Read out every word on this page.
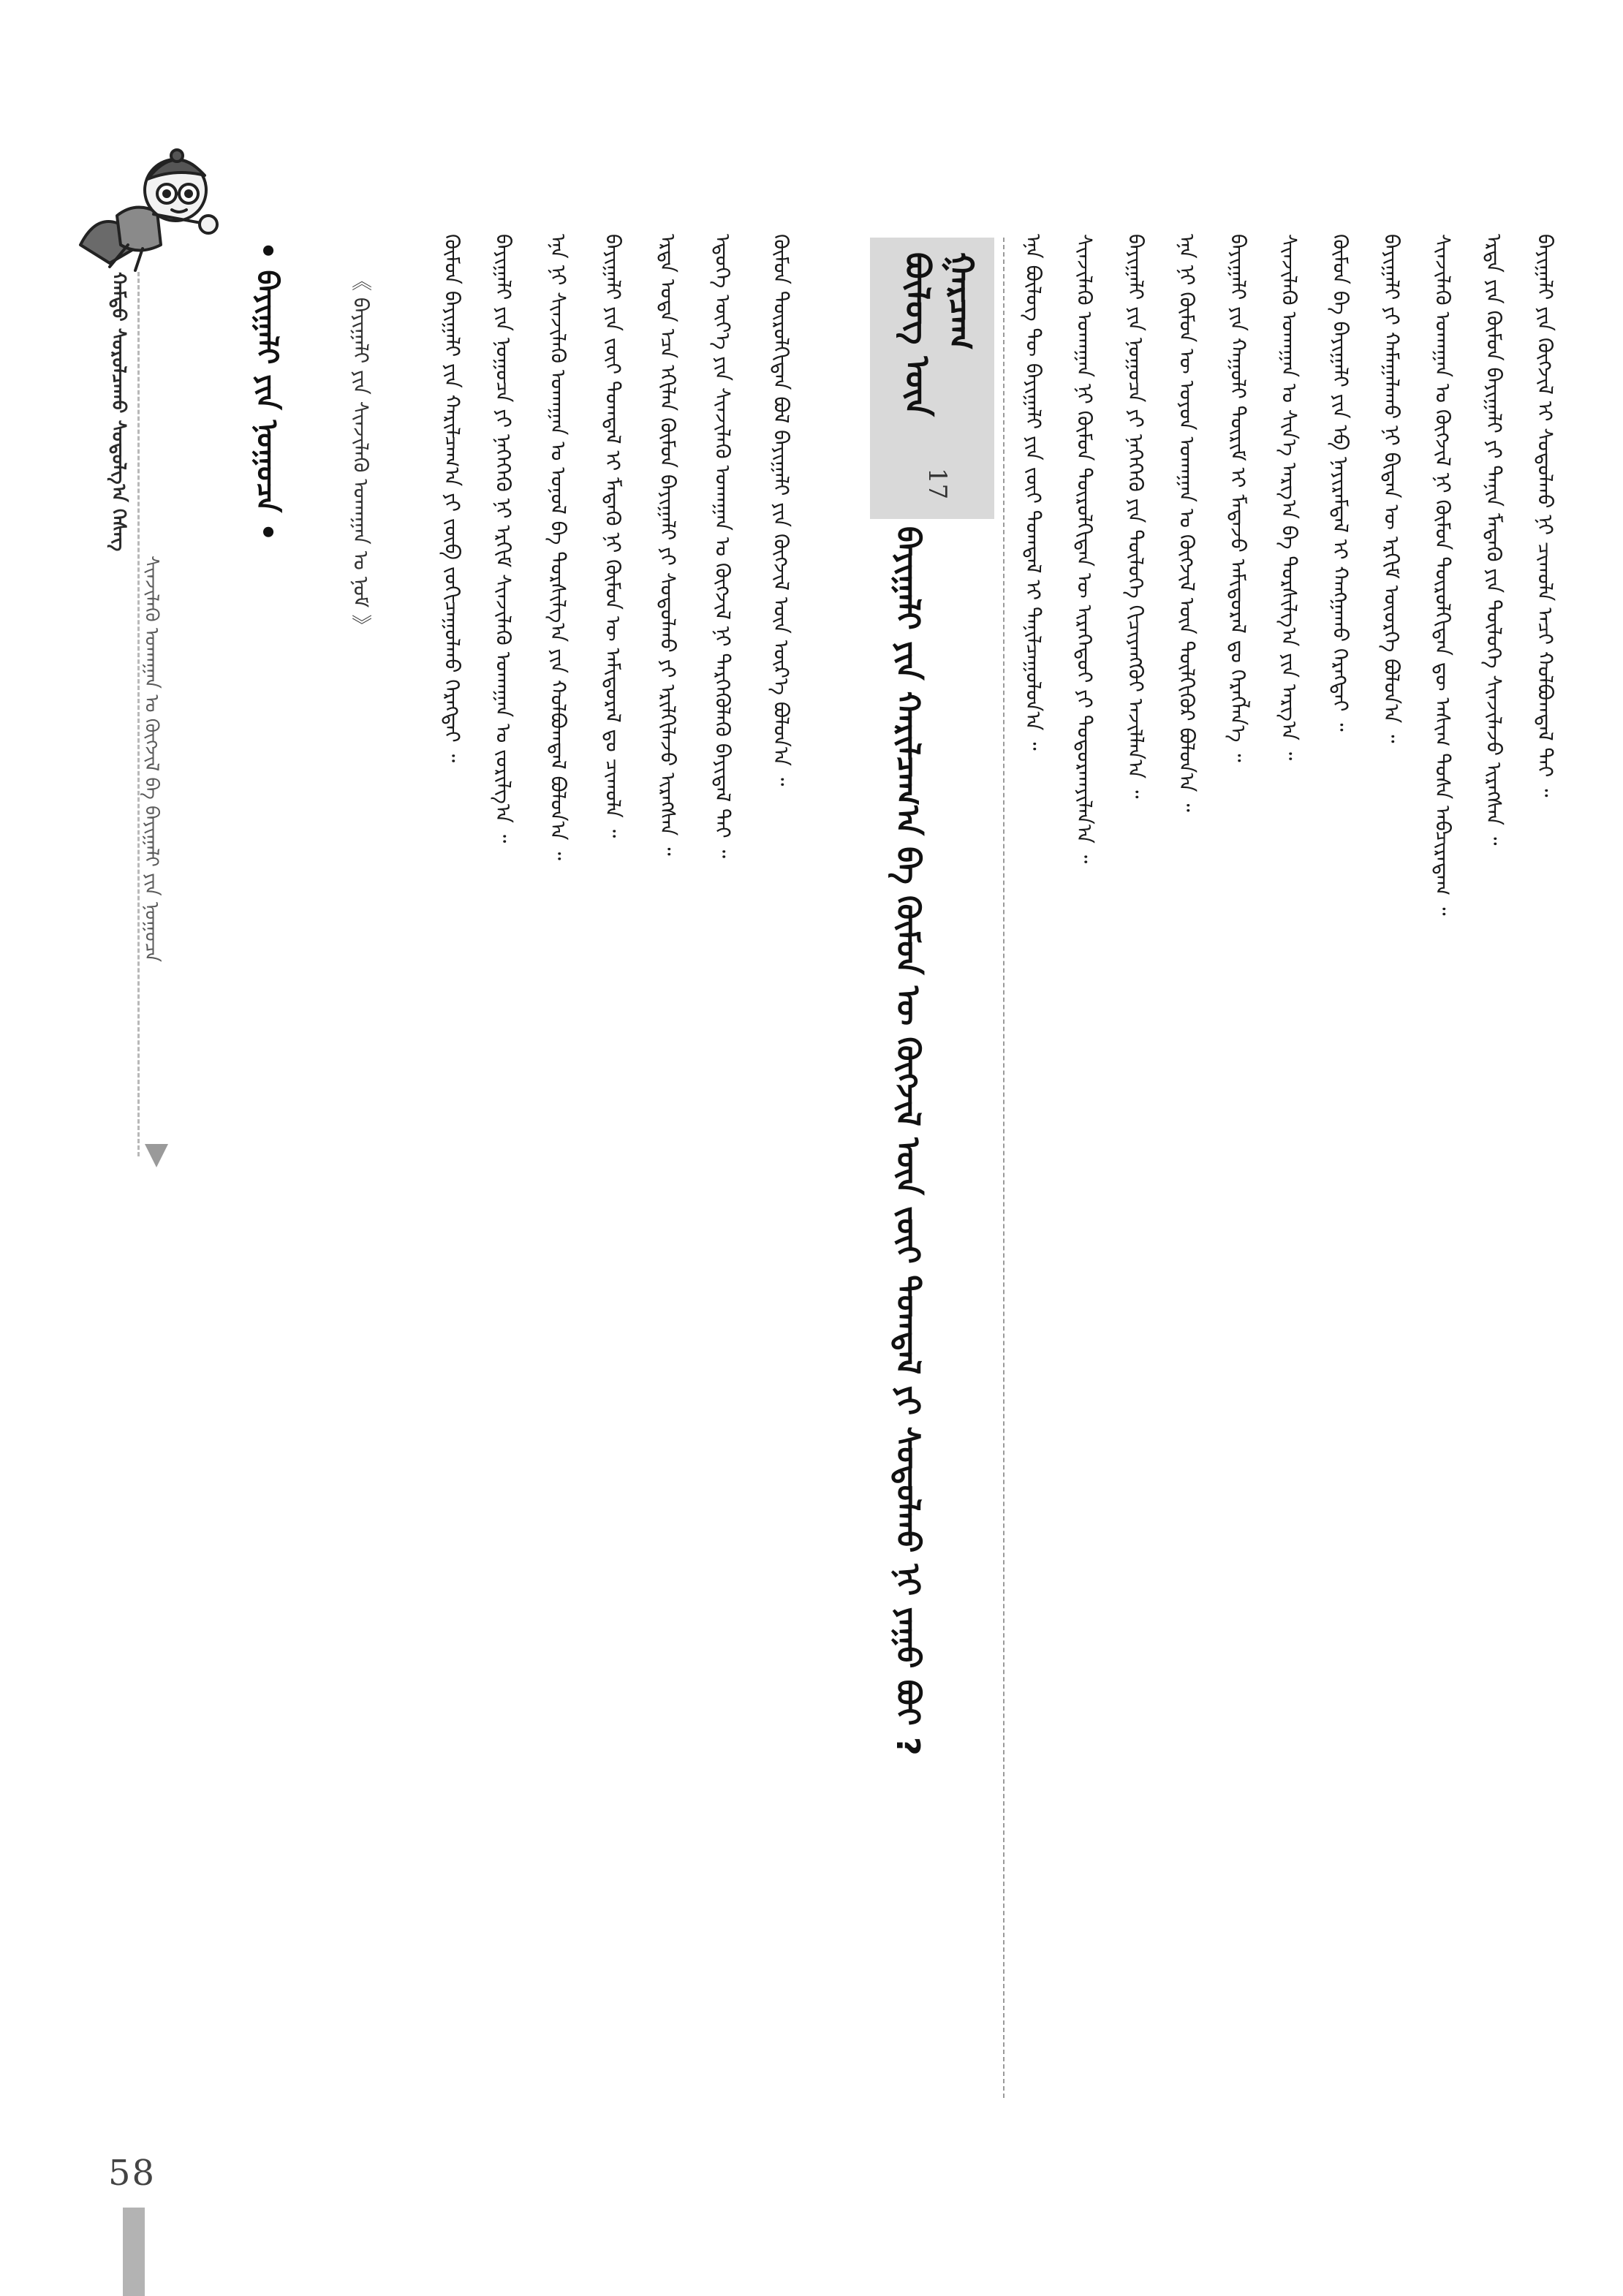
ᠬᠠᠮᠲᠤ ᠰᠤᠷᠤᠯᠴᠠᠬᠤ ᠰᠤᠳᠤᠯᠭ᠎ᠠ ᠬᠡᠰᠡᠭ
ᠰᠢᠨᠵᠢᠯᠡᠬᠦ ᠤᠬᠠᠭᠠᠨ ᠤ ᠬᠦᠭᠵᠢᠯ ᠪᠠ ᠪᠠᠶᠢᠭᠠᠯᠢ ᠶᠢᠨ ᠨᠤᠭᠤᠴᠠ
• ᠪᠠᠶᠢᠭᠠᠯᠢ ᠶᠢᠨ ᠨᠤᠭᠤᠴᠠ •	《 ᠪᠠᠶᠢᠭᠠᠯᠢ ᠶᠢᠨ ᠰᠢᠨᠵᠢᠯᠡᠬᠦ ᠤᠬᠠᠭᠠᠨ ᠤ ᠨᠤᠮ 》	ᠬᠦᠮᠦᠨ ᠪᠠᠶᠢᠭᠠᠯᠢ ᠶᠢᠨ ᠬᠠᠷᠢᠯᠴᠠᠭ᠎ᠠ ᠶᠢ ᠵᠥᠪ ᠵᠣᠬᠢᠴᠠᠭᠤᠯᠬᠤ ᠬᠡᠷᠡᠭᠲᠡᠢ ᠃ ᠪᠠᠶᠢᠭᠠᠯᠢ ᠶᠢᠨ ᠨᠤᠭᠤᠴᠠ ᠶᠢ ᠨᠡᠭᠡᠭᠡᠬᠦ ᠨᠢ ᠡᠷᠬᠢᠮ ᠰᠢᠨᠵᠢᠯᠡᠬᠦ ᠤᠬᠠᠭᠠᠨ ᠤ ᠵᠣᠷᠢᠯᠭ᠎ᠠ ᠃ ᠡᠨᠡ ᠨᠢ ᠰᠢᠨᠵᠢᠯᠡᠬᠦ ᠤᠬᠠᠭᠠᠨ ᠤ ᠣᠨᠤᠯ ᠪᠠ ᠲᠤᠷᠰᠢᠯᠭ᠎ᠠ ᠶᠢᠨ ᠬᠣᠯᠪᠣᠭᠳᠠᠯ ᠪᠣᠯᠤᠨ᠎ᠠ ᠃ ᠪᠠᠶᠢᠭᠠᠯᠢ ᠶᠢᠨ ᠵᠦᠢ ᠲᠣᠭᠲᠠᠯ ᠢ ᠮᠡᠳᠡᠬᠦ ᠨᠢ ᠬᠦᠮᠦᠨ ᠦ ᠠᠮᠢᠳᠤᠷᠠᠯ ᠳᠤ ᠴᠢᠬᠤᠯᠠ ᠃ ᠡᠷᠲᠡ ᠤᠳᠠ ᠡᠴᠡ ᠡᠬᠢᠯᠡᠨ ᠬᠦᠮᠦᠨ ᠪᠠᠶᠢᠭᠠᠯᠢ ᠶᠢ ᠰᠤᠳᠤᠯᠬᠤ ᠶᠢ ᠡᠷᠢᠯᠬᠢᠯᠡᠵᠦ ᠢᠷᠡᠭᠰᠡᠨ ᠃ ᠡᠳᠦᠭᠡ ᠦᠶ᠎ᠡ ᠶᠢᠨ ᠰᠢᠨᠵᠢᠯᠡᠬᠦ ᠤᠬᠠᠭᠠᠨ ᠤ ᠬᠥᠭᠵᠢᠯ ᠨᠢ ᠲᠡᠷᠭᠡᠭᠦᠯᠡᠬᠦ ᠪᠠᠶᠢᠳᠠᠯ ᠲᠠᠢ ᠃ ᠬᠦᠮᠦᠨ ᠲᠥᠷᠥᠯᠬᠢᠲᠡᠨ ᠪᠤᠯ ᠪᠠᠶᠢᠭᠠᠯᠢ ᠶᠢᠨ ᠬᠥᠭᠵᠢᠯ ᠦᠨ ᠦᠷ᠎ᠡ ᠪᠣᠯᠤᠨ᠎ᠠ ᠃	ᠪᠦᠯᠦᠭ ᠦᠨ ᠭᠠᠷᠴᠠᠭ
17
ᠪᠠᠶᠢᠭᠠᠯᠢ ᠶᠢᠨ ᠬᠠᠷᠢᠯᠴᠠᠭ᠎ᠠ ᠪᠠ ᠬᠦᠮᠦᠨ ᠦ ᠬᠥᠭᠵᠢᠯ ᠦᠨ ᠵᠦᠢ ᠲᠣᠭᠲᠠᠯ ᠶᠢ ᠰᠤᠳᠤᠯᠬᠤ ᠨᠢ ᠶᠠᠭᠤ ᠪᠤᠢ ?
ᠡᠨᠡ ᠪᠦᠯᠦᠭ ᠲᠦ ᠪᠠᠶᠢᠭᠠᠯᠢ ᠶᠢᠨ ᠵᠦᠢ ᠲᠣᠭᠲᠠᠯ ᠢ ᠲᠠᠨᠢᠯᠴᠠᠭᠤᠯᠤᠨ᠎ᠠ ᠃ ᠰᠢᠨᠵᠢᠯᠡᠬᠦ ᠤᠬᠠᠭᠠᠨ ᠨᠢ ᠬᠦᠮᠦᠨ ᠲᠥᠷᠥᠯᠬᠢᠲᠡᠨ ᠦ ᠢᠷᠡᠭᠡᠳᠦᠢ ᠶᠢ ᠲᠣᠳᠤᠷᠬᠠᠶᠢᠯᠠᠨ᠎ᠠ ᠃ ᠪᠠᠶᠢᠭᠠᠯᠢ ᠶᠢᠨ ᠨᠤᠭᠤᠴᠠ ᠶᠢ ᠨᠡᠭᠡᠭᠡᠬᠦ ᠶᠢᠨ ᠲᠥᠯᠥᠭᠡ ᠬᠢᠴᠢᠶᠡᠩᠭᠦᠢ ᠠᠵᠢᠯᠯᠠᠨ᠎ᠠ ᠃ ᠡᠨᠡ ᠨᠢ ᠬᠦᠮᠦᠨ ᠦ ᠣᠶᠤᠨ ᠤᠬᠠᠭᠠᠨ ᠤ ᠬᠥᠭᠵᠢᠯ ᠦᠨ ᠲᠦᠯᠬᠢᠭᠦᠷ ᠪᠣᠯᠤᠨ᠎ᠠ ᠃ ᠪᠠᠶᠢᠭᠠᠯᠢ ᠶᠢᠨ ᠬᠠᠭᠤᠯᠢ ᠳᠦᠷᠢᠮ ᠢ ᠮᠡᠳᠡᠵᠦ ᠠᠮᠢᠳᠤᠷᠠᠯ ᠳᠤ ᠬᠡᠷᠡᠭᠯᠡᠨ᠎ᠡ ᠃ ᠰᠢᠨᠵᠢᠯᠡᠬᠦ ᠤᠬᠠᠭᠠᠨ ᠤ ᠰᠢᠨ᠎ᠡ ᠠᠷᠭ᠎ᠠ ᠪᠠ ᠲᠤᠷᠰᠢᠯᠭ᠎ᠠ ᠶᠢᠨ ᠠᠷᠭ᠎ᠠ ᠃ ᠬᠦᠮᠦᠨ ᠪᠠ ᠪᠠᠶᠢᠭᠠᠯᠢ ᠶᠢᠨ ᠡᠪ ᠨᠠᠶᠢᠷᠠᠮᠳᠠᠯ ᠢ ᠬᠠᠩᠭᠠᠬᠤ ᠬᠡᠷᠡᠭᠲᠡᠢ ᠃ ᠪᠠᠶᠢᠭᠠᠯᠢ ᠶᠢ ᠬᠠᠮᠠᠭᠠᠯᠠᠬᠤ ᠨᠢ ᠪᠢᠳᠡᠨ ᠦ ᠡᠷᠬᠢᠮ ᠦᠦᠷᠭᠡ ᠪᠣᠯᠤᠨ᠎ᠠ ᠃ ᠰᠢᠨᠵᠢᠯᠡᠬᠦ ᠤᠬᠠᠭᠠᠨ ᠤ ᠬᠥᠭᠵᠢᠯ ᠨᠢ ᠬᠦᠮᠦᠨ ᠲᠥᠷᠥᠯᠬᠢᠲᠡᠨ ᠳᠦ ᠠᠰᠢᠭ ᠲᠤᠰᠠ ᠠᠪᠴᠢᠷᠠᠳᠠᠭ ᠃ ᠡᠷᠲᠡ ᠶᠢᠨ ᠬᠦᠮᠦᠨ ᠪᠠᠶᠢᠭᠠᠯᠢ ᠶᠢ ᠲᠠᠨᠢᠨ ᠮᠡᠳᠡᠬᠦ ᠶᠢᠨ ᠲᠥᠯᠥᠭᠡ ᠰᠢᠨᠵᠢᠯᠡᠵᠦ ᠢᠷᠡᠭᠰᠡᠨ ᠃ ᠪᠠᠶᠢᠭᠠᠯᠢ ᠶᠢᠨ ᠬᠥᠭᠵᠢᠯ ᠢ ᠰᠤᠳᠤᠯᠬᠤ ᠨᠢ ᠴᠢᠬᠤᠯᠠ ᠠᠴᠢ ᠬᠤᠯᠪᠣᠭᠳᠠᠯ ᠲᠠᠢ ᠃
58
